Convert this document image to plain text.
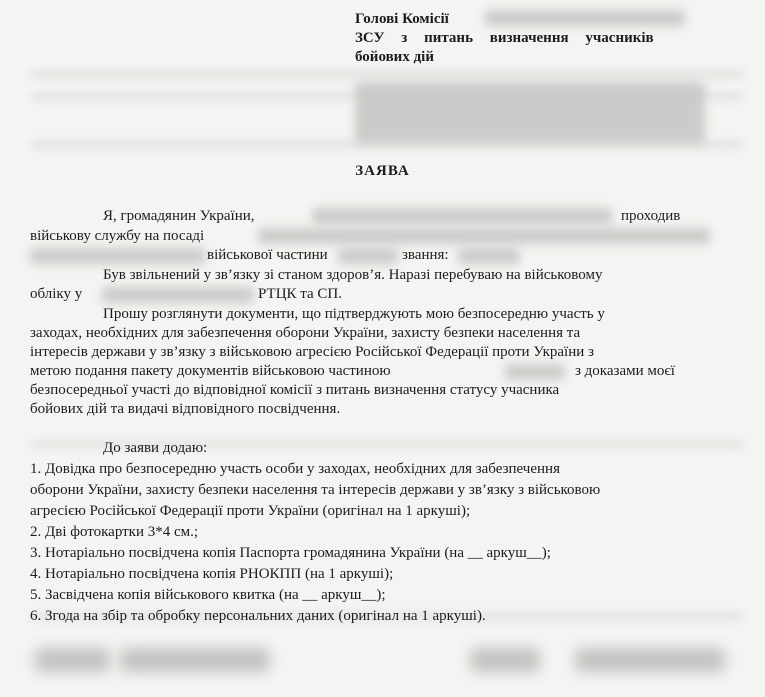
Голові Комісії
ЗСУ з питань визначення учасників
бойових дій
ЗАЯВА
Я, громадянин України,	проходив
військову службу на посаді
військової частини	звання:
Був звільнений у зв’язку зі станом здоров’я. Наразі перебуваю на військовому
обліку у	РТЦК та СП.
Прошу розглянути документи, що підтверджують мою безпосередню участь у
заходах, необхідних для забезпечення оборони України, захисту безпеки населення та
інтересів держави у зв’язку з військовою агресією Російської Федерації проти України з
метою подання пакету документів військовою частиною	з доказами моєї
безпосередньої участі до відповідної комісії з питань визначення статусу учасника
бойових дій та видачі відповідного посвідчення.
До заяви додаю:
1. Довідка про безпосередню участь особи у заходах, необхідних для забезпечення
оборони України, захисту безпеки населення та інтересів держави у зв’язку з військовою
агресією Російської Федерації проти України (оригінал на 1 аркуші);
2. Дві фотокартки 3*4 см.;
3. Нотаріально посвідчена копія Паспорта громадянина України (на __ аркуш__);
4. Нотаріально посвідчена копія РНОКПП (на 1 аркуші);
5. Засвідчена копія військового квитка (на __ аркуш__);
6. Згода на збір та обробку персональних даних (оригінал на 1 аркуші).
